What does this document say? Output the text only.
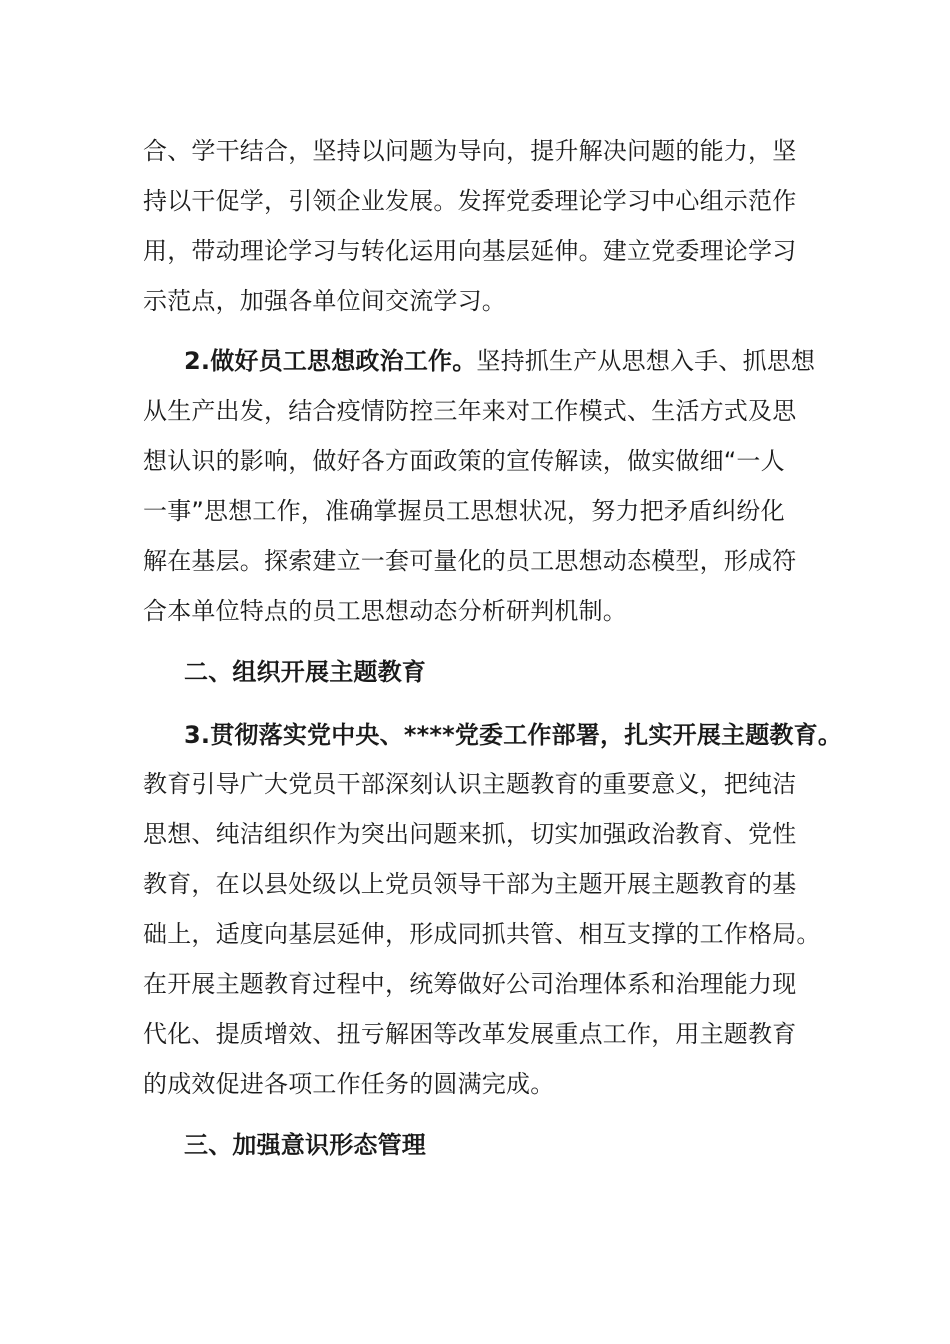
合、学干结合，坚持以问题为导向，提升解决问题的能力，坚
持以干促学，引领企业发展。发挥党委理论学习中心组示范作
用，带动理论学习与转化运用向基层延伸。建立党委理论学习
示范点，加强各单位间交流学习。
2.做好员工思想政治工作。坚持抓生产从思想入手、抓思想
从生产出发，结合疫情防控三年来对工作模式、生活方式及思
想认识的影响，做好各方面政策的宣传解读，做实做细“一人
一事”思想工作，准确掌握员工思想状况，努力把矛盾纠纷化
解在基层。探索建立一套可量化的员工思想动态模型，形成符
合本单位特点的员工思想动态分析研判机制。
二、组织开展主题教育
3.贯彻落实党中央、****党委工作部署，扎实开展主题教育。
教育引导广大党员干部深刻认识主题教育的重要意义，把纯洁
思想、纯洁组织作为突出问题来抓，切实加强政治教育、党性
教育，在以县处级以上党员领导干部为主题开展主题教育的基
础上，适度向基层延伸，形成同抓共管、相互支撑的工作格局。
在开展主题教育过程中，统筹做好公司治理体系和治理能力现
代化、提质增效、扭亏解困等改革发展重点工作，用主题教育
的成效促进各项工作任务的圆满完成。
三、加强意识形态管理
